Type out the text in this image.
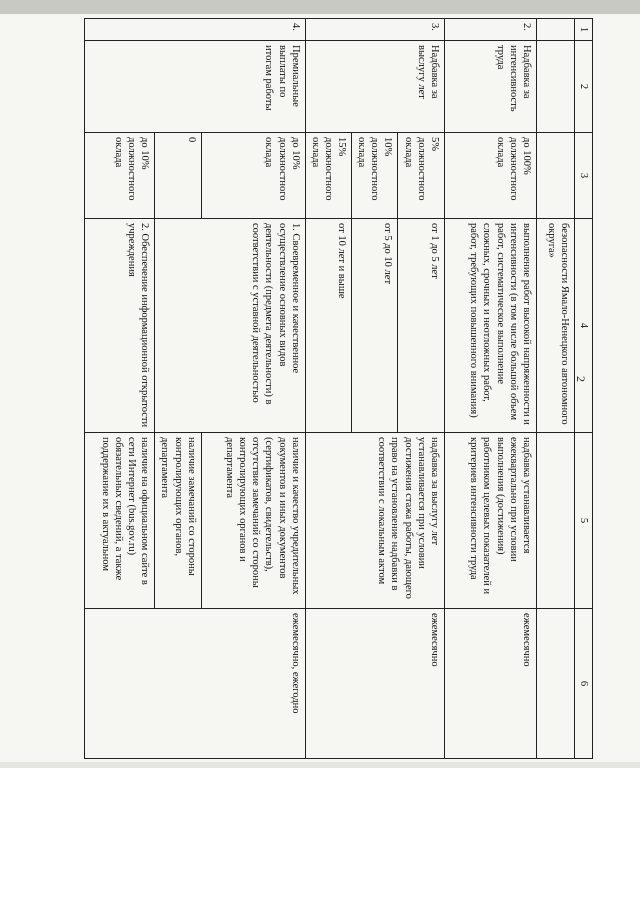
2
1	2	3	4	5	6
			безопасности Ямало-Ненецкого автономного округа»		
2.	Надбавка за интенсивность труда	до 100% должностного оклада	выполнение работ высокой напряженности и интенсивности (в том числе большой объем работ, систематическое выполнение сложных, срочных и неотложных работ, работ, требующих повышенного внимания)	надбавка устанавливается ежеквартально при условии выполнения (достижения) работником целевых показателей и критериев интенсивности труда	ежемесячно
3.	Надбавка за выслугу лет	5% должностного оклада	от 1 до 5 лет	надбавка за выслугу лет устанавливается при условии достижения стажа работы, дающего право на установление надбавки в соответствии с локальным актом	ежемесячно
		10% должностного оклада	от 5 до 10 лет		
		15% должностного оклада	от 10 лет и выше		
4.	Премиальные выплаты по итогам работы	до 10% должностного оклада	1. Своевременное и качественное осуществление основных видов деятельности (предмета деятельности) в соответствии с уставной деятельностью	наличие и качество учредительных документов и иных документов (сертификатов, свидетельств), отсутствие замечаний со стороны контролирующих органов и департамента	ежемесячно, ежегодно
		0		наличие замечаний со стороны контролирующих органов, департамента	
		до 10% должностного оклада	2. Обеспечение информационной открытости учреждения	наличие на официальном сайте в сети Интернет (bus.gov.ru) обязательных сведений, а также поддержание их в актуальном	
